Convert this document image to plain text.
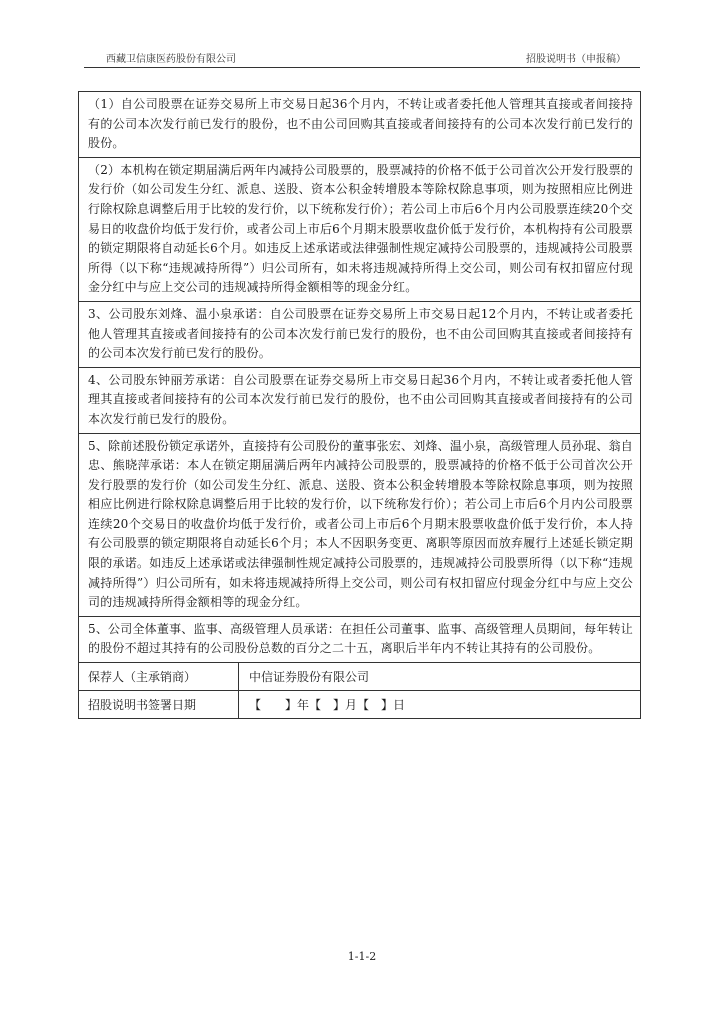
西藏卫信康医药股份有限公司	招股说明书（申报稿）

（1）自公司股票在证券交易所上市交易日起36个月内，不转让或者委托他人管理其直接或者间接持有的公司本次发行前已发行的股份，也不由公司回购其直接或者间接持有的公司本次发行前已发行的股份。

（2）本机构在锁定期届满后两年内减持公司股票的，股票减持的价格不低于公司首次公开发行股票的发行价（如公司发生分红、派息、送股、资本公积金转增股本等除权除息事项，则为按照相应比例进行除权除息调整后用于比较的发行价，以下统称发行价）；若公司上市后6个月内公司股票连续20个交易日的收盘价均低于发行价，或者公司上市后6个月期末股票收盘价低于发行价，本机构持有公司股票的锁定期限将自动延长6个月。如违反上述承诺或法律强制性规定减持公司股票的，违规减持公司股票所得（以下称“违规减持所得”）归公司所有，如未将违规减持所得上交公司，则公司有权扣留应付现金分红中与应上交公司的违规减持所得金额相等的现金分红。

3、公司股东刘烽、温小泉承诺：自公司股票在证券交易所上市交易日起12个月内，不转让或者委托他人管理其直接或者间接持有的公司本次发行前已发行的股份，也不由公司回购其直接或者间接持有的公司本次发行前已发行的股份。

4、公司股东钟丽芳承诺：自公司股票在证券交易所上市交易日起36个月内，不转让或者委托他人管理其直接或者间接持有的公司本次发行前已发行的股份，也不由公司回购其直接或者间接持有的公司本次发行前已发行的股份。

5、除前述股份锁定承诺外，直接持有公司股份的董事张宏、刘烽、温小泉，高级管理人员孙琨、翁自忠、熊晓萍承诺：本人在锁定期届满后两年内减持公司股票的，股票减持的价格不低于公司首次公开发行股票的发行价（如公司发生分红、派息、送股、资本公积金转增股本等除权除息事项，则为按照相应比例进行除权除息调整后用于比较的发行价，以下统称发行价）；若公司上市后6个月内公司股票连续20个交易日的收盘价均低于发行价，或者公司上市后6个月期末股票收盘价低于发行价，本人持有公司股票的锁定期限将自动延长6个月；本人不因职务变更、离职等原因而放弃履行上述延长锁定期限的承诺。如违反上述承诺或法律强制性规定减持公司股票的，违规减持公司股票所得（以下称“违规减持所得”）归公司所有，如未将违规减持所得上交公司，则公司有权扣留应付现金分红中与应上交公司的违规减持所得金额相等的现金分红。

5、公司全体董事、监事、高级管理人员承诺：在担任公司董事、监事、高级管理人员期间，每年转让的股份不超过其持有的公司股份总数的百分之二十五，离职后半年内不转让其持有的公司股份。

保荐人（主承销商）	中信证券股份有限公司
招股说明书签署日期	【　　】年【　】月【　】日
1-1-2
